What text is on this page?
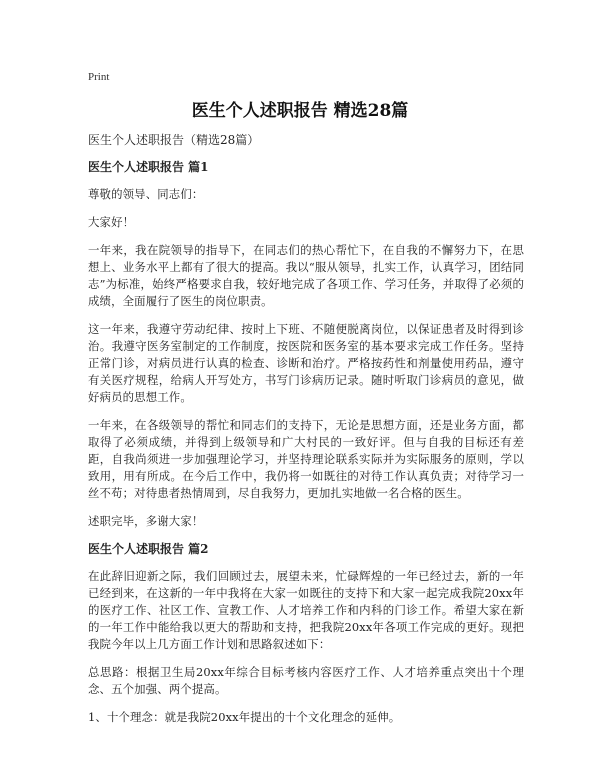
Print
医生个人述职报告 精选28篇

医生个人述职报告（精选28篇）

医生个人述职报告 篇1

尊敬的领导、同志们：

大家好！

一年来，我在院领导的指导下，在同志们的热心帮忙下，在自我的不懈努力下，在思想上、业务水平上都有了很大的提高。我以“服从领导，扎实工作，认真学习，团结同志”为标准，始终严格要求自我，较好地完成了各项工作、学习任务，并取得了必须的成绩，全面履行了医生的岗位职责。

这一年来，我遵守劳动纪律、按时上下班、不随便脱离岗位，以保证患者及时得到诊治。我遵守医务室制定的工作制度，按医院和医务室的基本要求完成工作任务。坚持正常门诊，对病员进行认真的检查、诊断和治疗。严格按药性和剂量使用药品，遵守有关医疗规程，给病人开写处方，书写门诊病历记录。随时听取门诊病员的意见，做好病员的思想工作。

一年来，在各级领导的帮忙和同志们的支持下，无论是思想方面，还是业务方面，都取得了必须成绩，并得到上级领导和广大村民的一致好评。但与自我的目标还有差距，自我尚须进一步加强理论学习，并坚持理论联系实际并为实际服务的原则，学以致用，用有所成。在今后工作中，我仍将一如既往的对待工作认真负责；对待学习一丝不苟；对待患者热情周到，尽自我努力，更加扎实地做一名合格的医生。

述职完毕，多谢大家！

医生个人述职报告 篇2

在此辞旧迎新之际，我们回顾过去，展望未来，忙碌辉煌的一年已经过去，新的一年已经到来，在这新的一年中我将在大家一如既往的支持下和大家一起完成我院20xx年的医疗工作、社区工作、宣教工作、人才培养工作和内科的门诊工作。希望大家在新的一年工作中能给我以更大的帮助和支持，把我院20xx年各项工作完成的更好。现把我院今年以上几方面工作计划和思路叙述如下：

总思路：根据卫生局20xx年综合目标考核内容医疗工作、人才培养重点突出十个理念、五个加强、两个提高。

1、十个理念：就是我院20xx年提出的十个文化理念的延伸。
